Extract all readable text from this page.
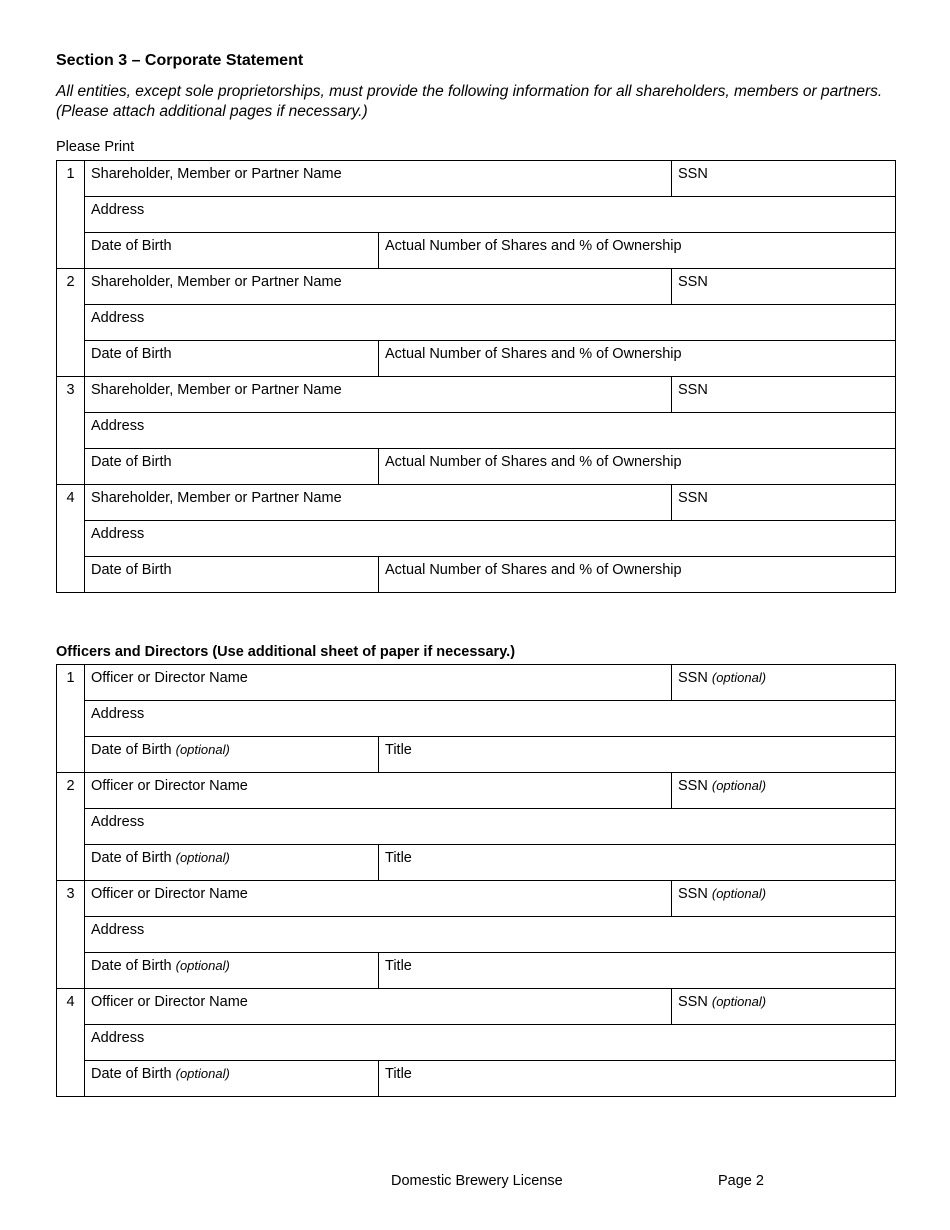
Section 3 – Corporate Statement
All entities, except sole proprietorships, must provide the following information for all shareholders, members or partners. (Please attach additional pages if necessary.)
Please Print
1	Shareholder, Member or Partner Name		SSN

	Address		

	Date of Birth	Actual Number of Shares and % of Ownership	

2	Shareholder, Member or Partner Name		SSN

	Address		

	Date of Birth	Actual Number of Shares and % of Ownership	

3	Shareholder, Member or Partner Name		SSN

	Address		

	Date of Birth	Actual Number of Shares and % of Ownership	

4	Shareholder, Member or Partner Name		SSN

	Address		

	Date of Birth	Actual Number of Shares and % of Ownership	
Officers and Directors (Use additional sheet of paper if necessary.)
1	Officer or Director Name		SSN (optional)

	Address		

	Date of Birth (optional)	Title	

2	Officer or Director Name		SSN (optional)

	Address		

	Date of Birth (optional)	Title	

3	Officer or Director Name		SSN (optional)

	Address		

	Date of Birth (optional)	Title	

4	Officer or Director Name		SSN (optional)

	Address		

	Date of Birth (optional)	Title	
Domestic Brewery License	Page 2
